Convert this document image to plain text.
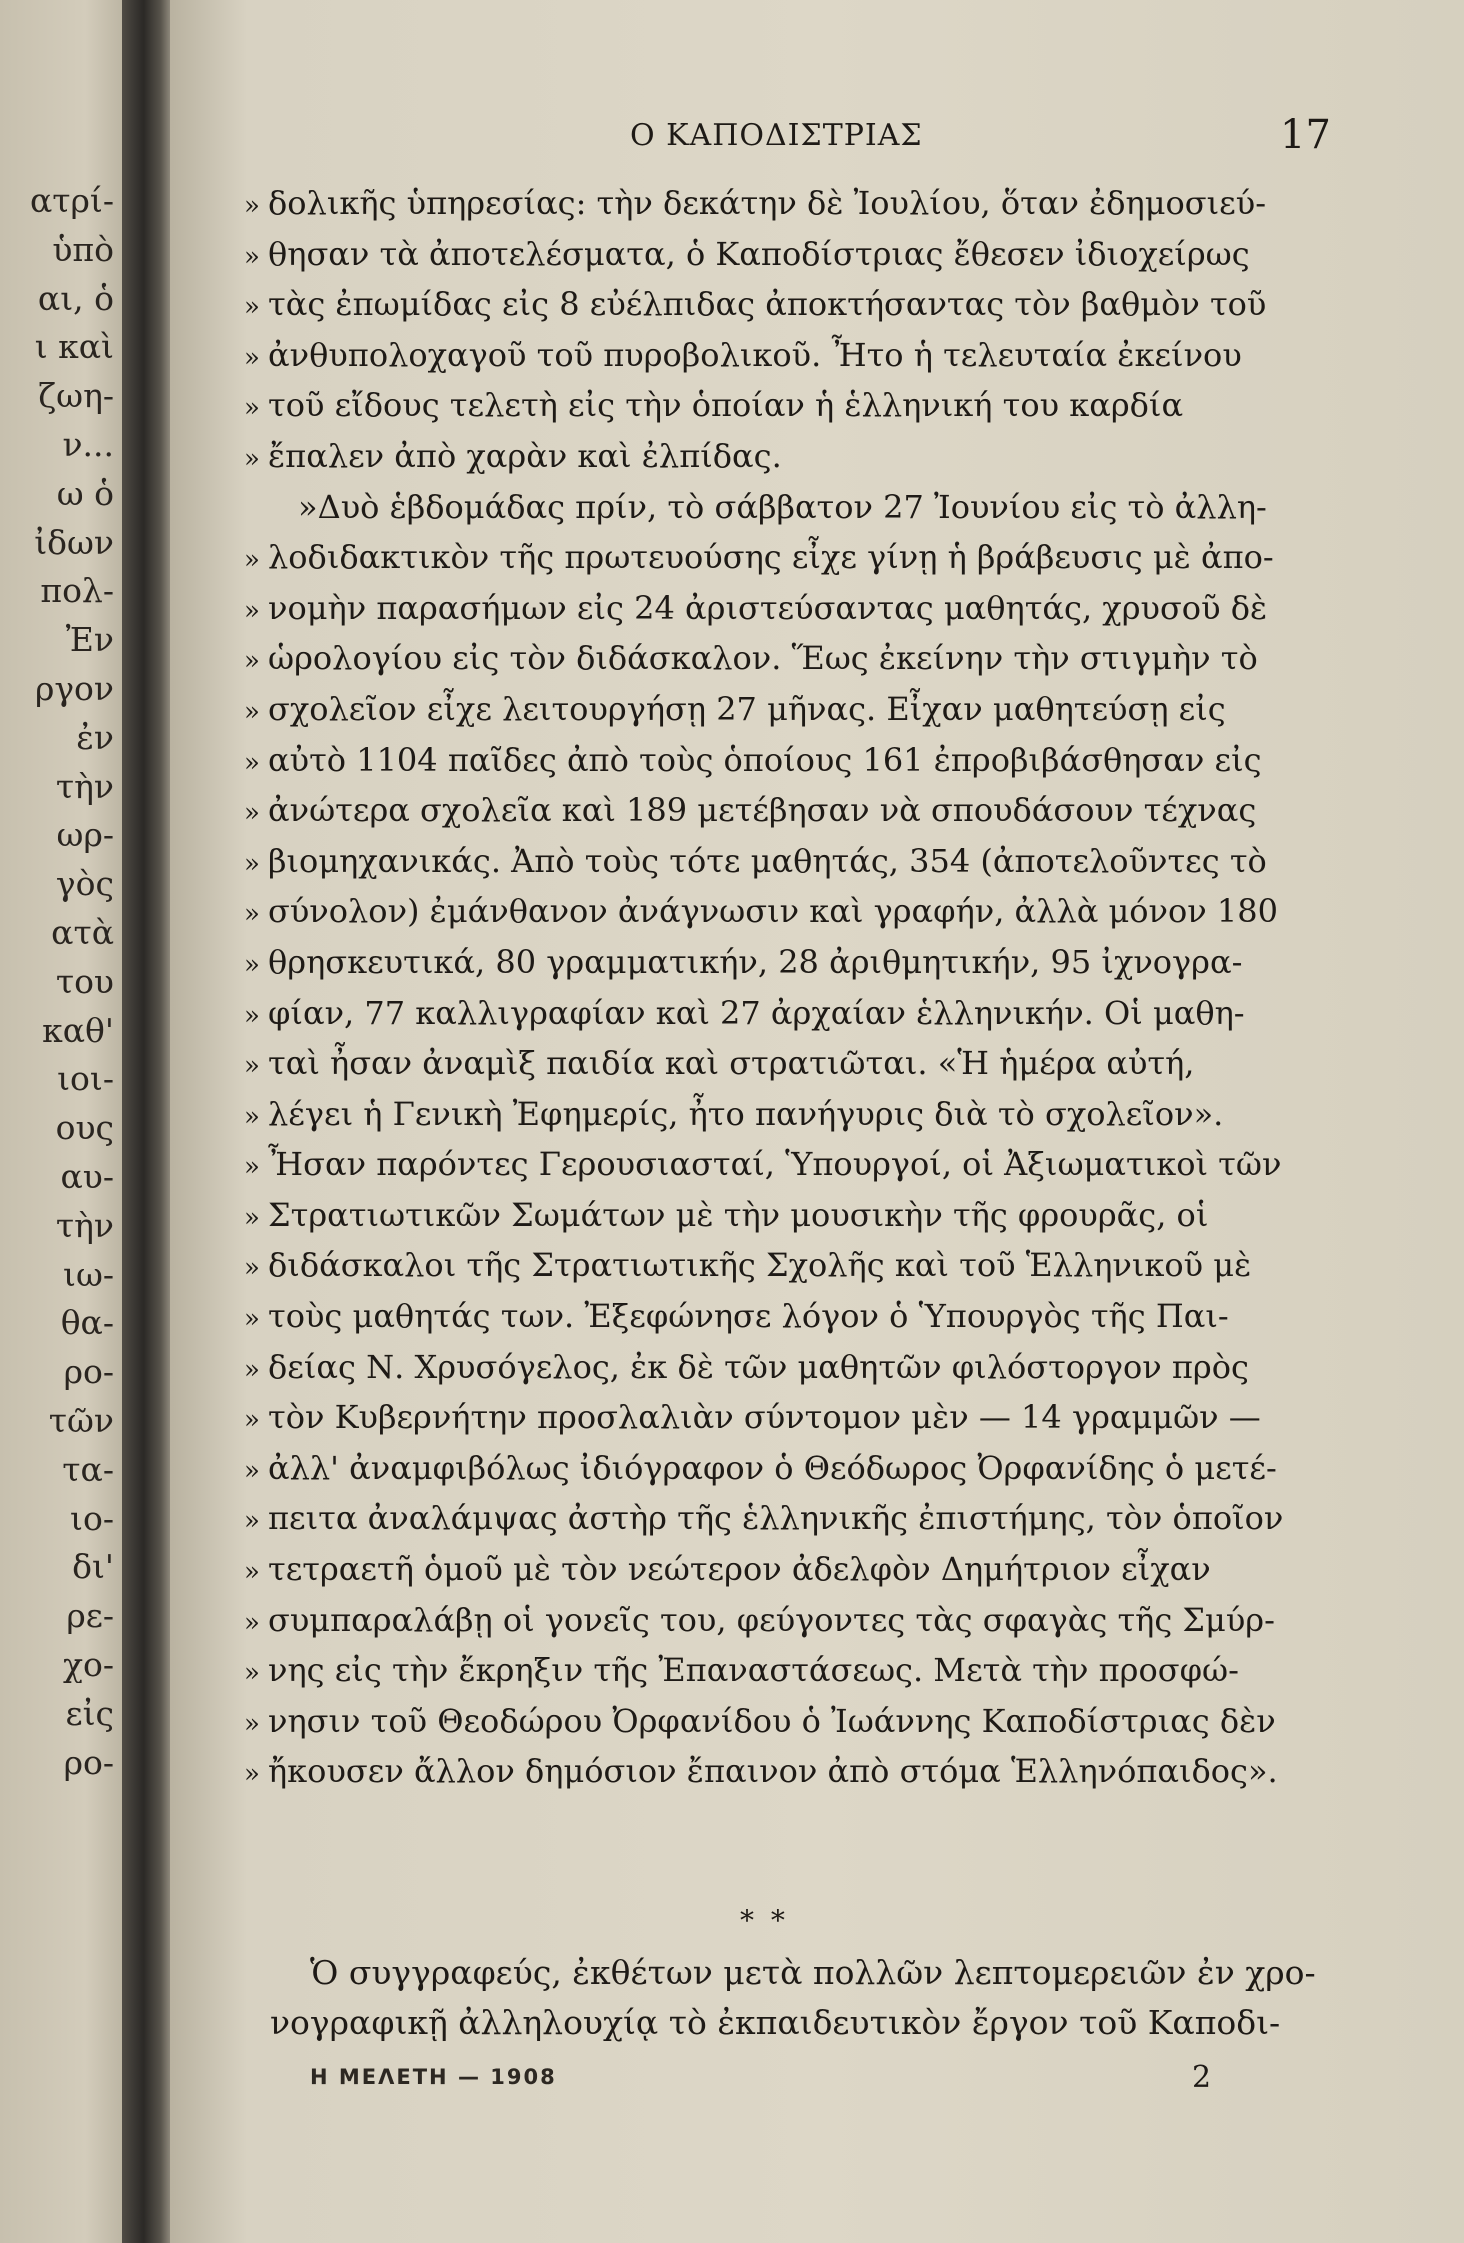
ατρί-
ὑπὸ
αι, ὁ
ι καὶ
ζωη-
ν...
ω ὁ
ἰδων
πολ-
Ἐν
ργον
ἐν
τὴν
ωρ-
γὸς
ατὰ
του
καθ'
ιοι-
ους
αυ-
τὴν
ιω-
θα-
ρο-
τῶν
τα-
ιο-
δι'
ρε-
χο-
εἰς
ρο-
Ο ΚΑΠΟΔΙΣΤΡΙΑΣ	17
» δολικῆς ὑπηρεσίας: τὴν δεκάτην δὲ Ἰουλίου, ὅταν ἐδημοσιεύ-
» θησαν τὰ ἀποτελέσματα, ὁ Καποδίστριας ἔθεσεν ἰδιοχείρως
» τὰς ἐπωμίδας εἰς 8 εὐέλπιδας ἀποκτήσαντας τὸν βαθμὸν τοῦ
» ἀνθυπολοχαγοῦ τοῦ πυροβολικοῦ. Ἦτο ἡ τελευταία ἐκείνου
» τοῦ εἴδους τελετὴ εἰς τὴν ὁποίαν ἡ ἑλληνική του καρδία
» ἔπαλεν ἀπὸ χαρὰν καὶ ἐλπίδας.
»Δυὸ ἑβδομάδας πρίν, τὸ σάββατον 27 Ἰουνίου εἰς τὸ ἀλλη-
» λοδιδακτικὸν τῆς πρωτευούσης εἶχε γίνῃ ἡ βράβευσις μὲ ἀπο-
» νομὴν παρασήμων εἰς 24 ἀριστεύσαντας μαθητάς, χρυσοῦ δὲ
» ὡρολογίου εἰς τὸν διδάσκαλον. Ἕως ἐκείνην τὴν στιγμὴν τὸ
» σχολεῖον εἶχε λειτουργήσῃ 27 μῆνας. Εἶχαν μαθητεύσῃ εἰς
» αὐτὸ 1104 παῖδες ἀπὸ τοὺς ὁποίους 161 ἐπροβιβάσθησαν εἰς
» ἀνώτερα σχολεῖα καὶ 189 μετέβησαν νὰ σπουδάσουν τέχνας
» βιομηχανικάς. Ἀπὸ τοὺς τότε μαθητάς, 354 (ἀποτελοῦντες τὸ
» σύνολον) ἐμάνθανον ἀνάγνωσιν καὶ γραφήν, ἀλλὰ μόνον 180
» θρησκευτικά, 80 γραμματικήν, 28 ἀριθμητικήν, 95 ἰχνογρα-
» φίαν, 77 καλλιγραφίαν καὶ 27 ἀρχαίαν ἑλληνικήν. Οἱ μαθη-
» ταὶ ἦσαν ἀναμὶξ παιδία καὶ στρατιῶται. «Ἡ ἡμέρα αὐτή,
» λέγει ἡ Γενικὴ Ἐφημερίς, ἦτο πανήγυρις διὰ τὸ σχολεῖον».
» Ἦσαν παρόντες Γερουσιασταί, Ὑπουργοί, οἱ Ἀξιωματικοὶ τῶν
» Στρατιωτικῶν Σωμάτων μὲ τὴν μουσικὴν τῆς φρουρᾶς, οἱ
» διδάσκαλοι τῆς Στρατιωτικῆς Σχολῆς καὶ τοῦ Ἑλληνικοῦ μὲ
» τοὺς μαθητάς των. Ἐξεφώνησε λόγον ὁ Ὑπουργὸς τῆς Παι-
» δείας Ν. Χρυσόγελος, ἐκ δὲ τῶν μαθητῶν φιλόστοργον πρὸς
» τὸν Κυβερνήτην προσλαλιὰν σύντομον μὲν — 14 γραμμῶν —
» ἀλλ' ἀναμφιβόλως ἰδιόγραφον ὁ Θεόδωρος Ὀρφανίδης ὁ μετέ-
» πειτα ἀναλάμψας ἀστὴρ τῆς ἑλληνικῆς ἐπιστήμης, τὸν ὁποῖον
» τετραετῆ ὁμοῦ μὲ τὸν νεώτερον ἀδελφὸν Δημήτριον εἶχαν
» συμπαραλάβῃ οἱ γονεῖς του, φεύγοντες τὰς σφαγὰς τῆς Σμύρ-
» νης εἰς τὴν ἔκρηξιν τῆς Ἐπαναστάσεως. Μετὰ τὴν προσφώ-
» νησιν τοῦ Θεοδώρου Ὀρφανίδου ὁ Ἰωάννης Καποδίστριας δὲν
» ἤκουσεν ἄλλον δημόσιον ἔπαινον ἀπὸ στόμα Ἑλληνόπαιδος».
* *
Ὁ συγγραφεύς, ἐκθέτων μετὰ πολλῶν λεπτομερειῶν ἐν χρο-
νογραφικῇ ἀλληλουχίᾳ τὸ ἐκπαιδευτικὸν ἔργον τοῦ Καποδι-
Η ΜΕΛΕΤΗ — 1908	2
